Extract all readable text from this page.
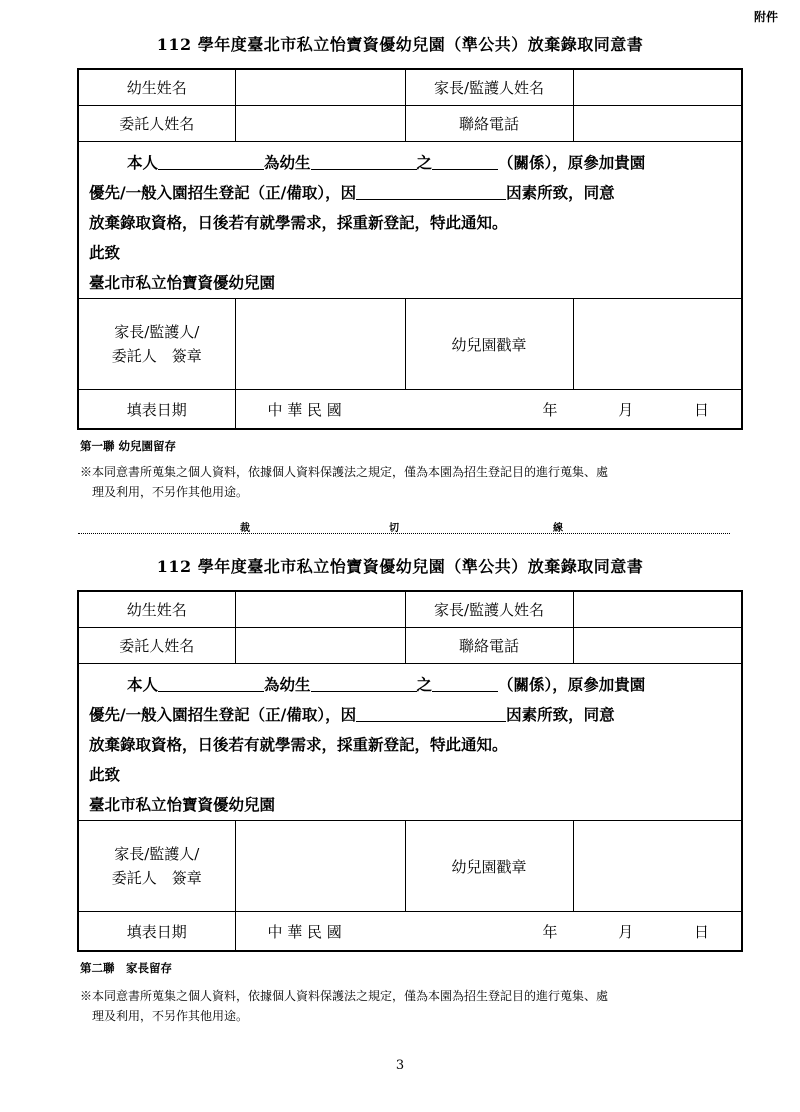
附件
112 學年度臺北市私立怡寶資優幼兒園（準公共）放棄錄取同意書
幼生姓名		家長/監護人姓名	
委託人姓名		聯絡電話	

本人 為幼生 之 （關係），原參加貴園
優先/一般入園招生登記（正/備取），因 因素所致，同意
放棄錄取資格，日後若有就學需求，採重新登記，特此通知。
此致
臺北市私立怡寶資優幼兒園			

家長/監護人/
委託人　簽章		幼兒園戳章	
填表日期	中 華 民 國 年 月 日		
第一聯 幼兒園留存
※本同意書所蒐集之個人資料，依據個人資料保護法之規定，僅為本園為招生登記目的進行蒐集、處
理及利用，不另作其他用途。
裁	切	線
112 學年度臺北市私立怡寶資優幼兒園（準公共）放棄錄取同意書
幼生姓名		家長/監護人姓名	
委託人姓名		聯絡電話	

本人 為幼生 之 （關係），原參加貴園
優先/一般入園招生登記（正/備取），因 因素所致，同意
放棄錄取資格，日後若有就學需求，採重新登記，特此通知。
此致
臺北市私立怡寶資優幼兒園			

家長/監護人/
委託人　簽章		幼兒園戳章	
填表日期	中 華 民 國 年 月 日		
第二聯　家長留存
※本同意書所蒐集之個人資料，依據個人資料保護法之規定，僅為本園為招生登記目的進行蒐集、處
理及利用，不另作其他用途。
3
